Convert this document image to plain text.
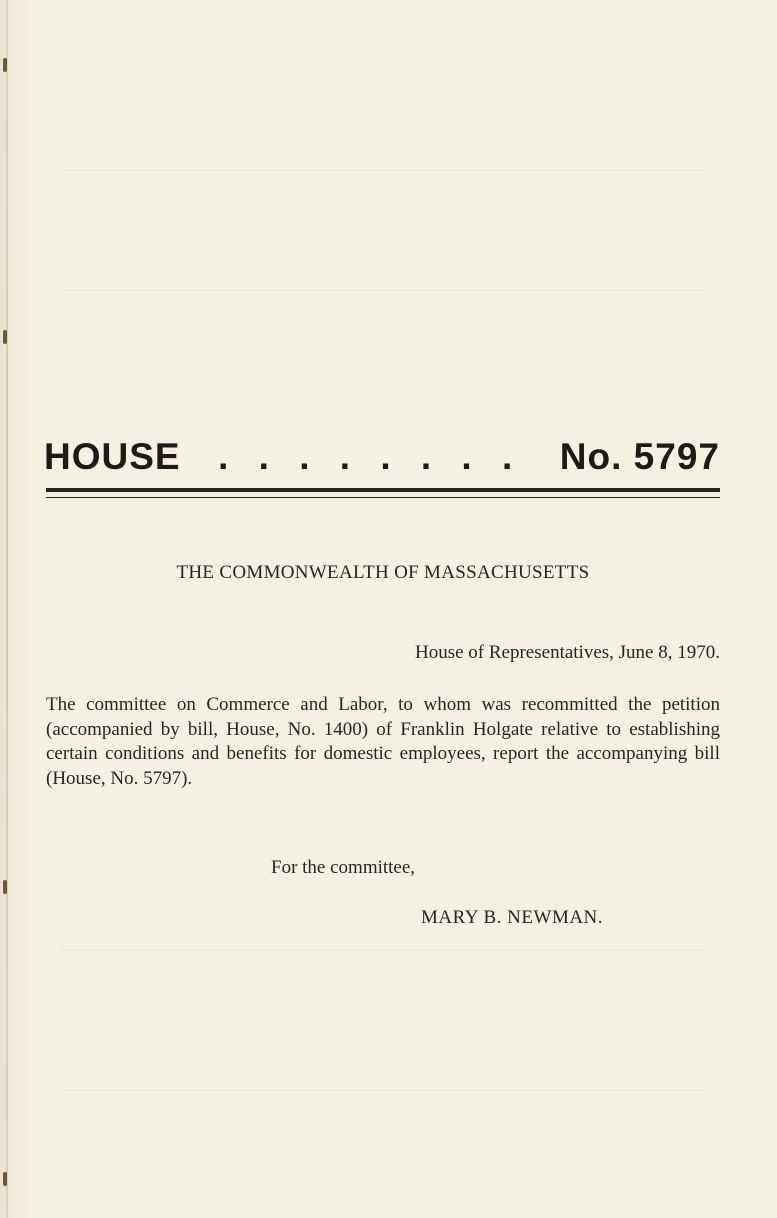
HOUSE	. . . . . . . .	No. 5797
THE COMMONWEALTH OF MASSACHUSETTS
House of Representatives, June 8, 1970.
The committee on Commerce and Labor, to whom was recommitted the petition (accompanied by bill, House, No. 1400) of Franklin Holgate relative to establishing certain conditions and benefits for domestic employees, report the accompanying bill (House, No. 5797).
For the committee,
MARY B. NEWMAN.
